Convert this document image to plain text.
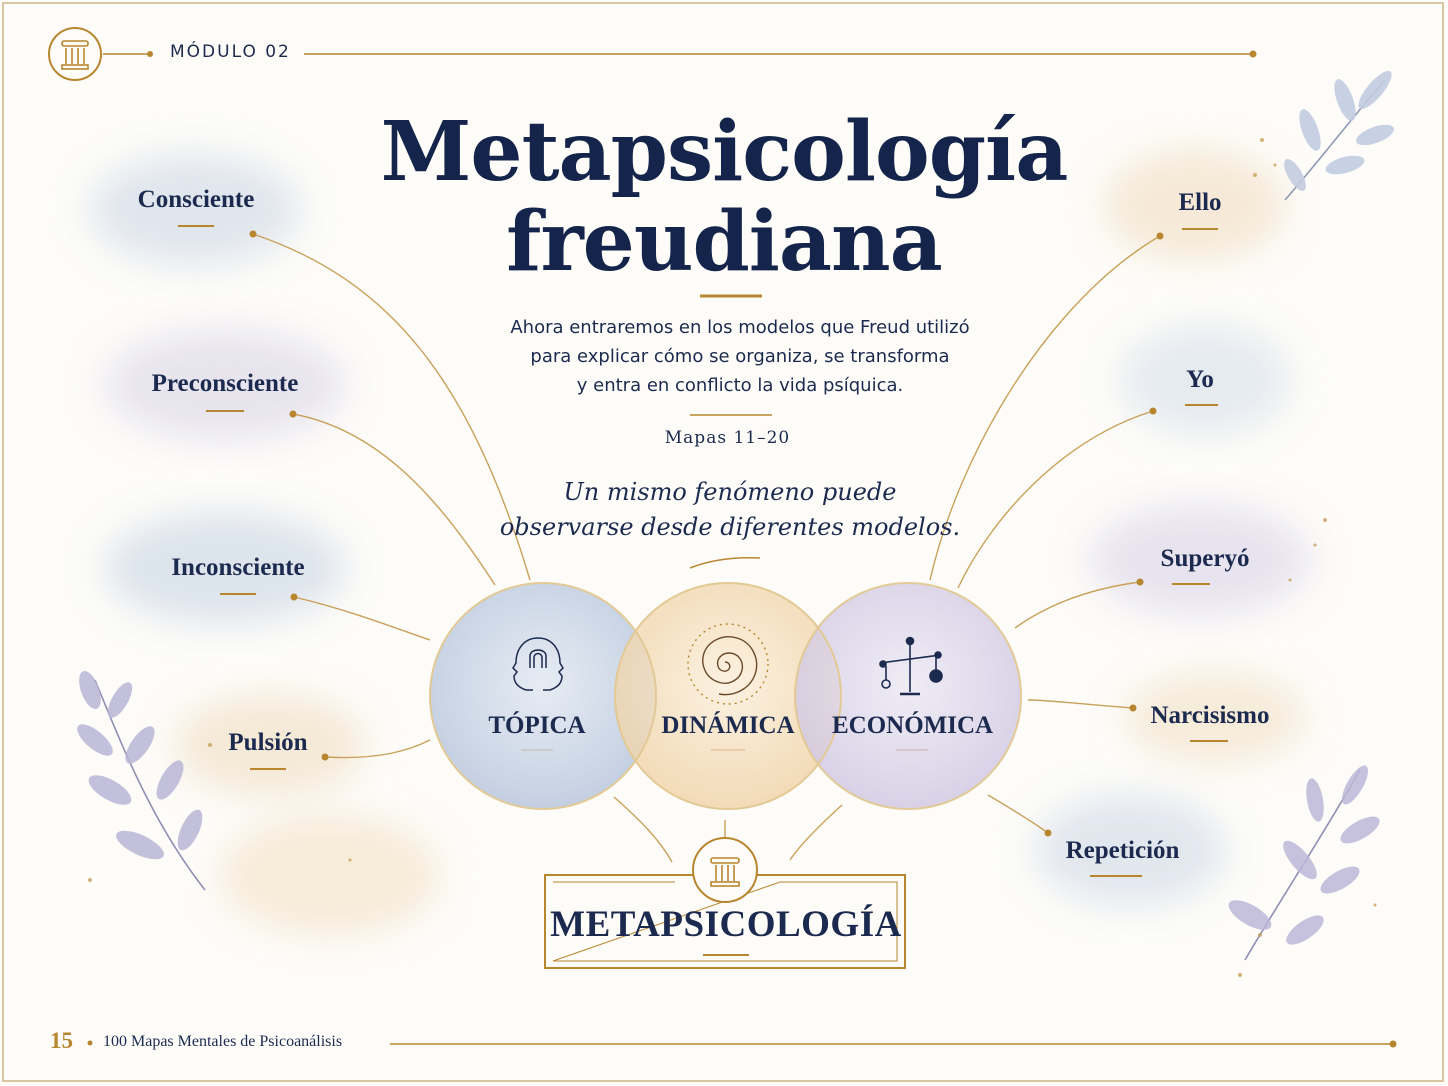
MÓDULO 02
Metapsicología
freudiana
Ahora entraremos en los modelos que Freud utilizó
para explicar cómo se organiza, se transforma
y entra en conflicto la vida psíquica.
Mapas 11–20
Un mismo fenómeno puede
observarse desde diferentes modelos.
Consciente
Preconsciente
Inconsciente
Pulsión
Ello
Yo
Superyó
Narcisismo
Repetición
TÓPICA	DINÁMICA	ECONÓMICA
METAPSICOLOGÍA
15 100 Mapas Mentales de Psicoanálisis
